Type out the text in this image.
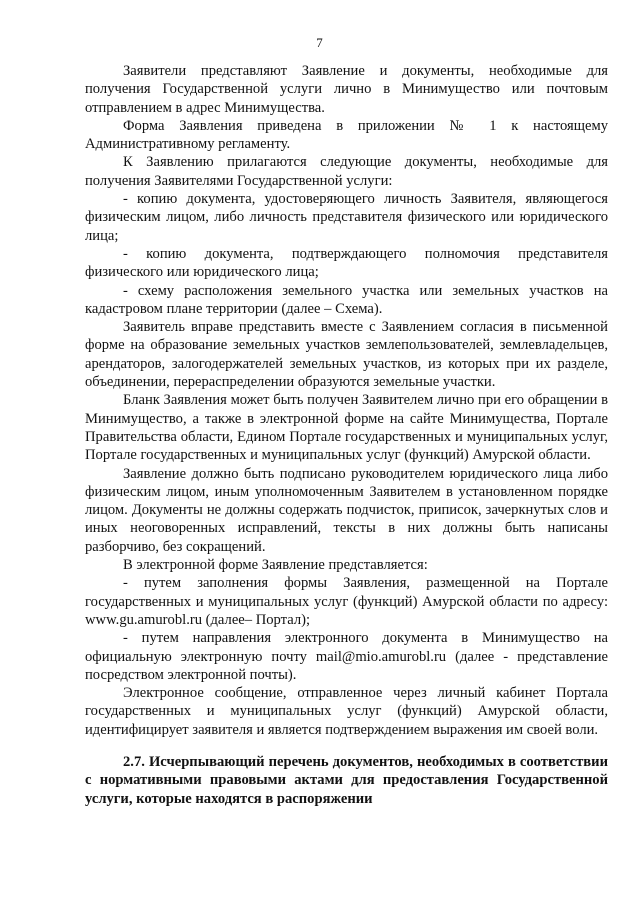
7

Заявители представляют Заявление и документы, необходимые для получения Государственной услуги лично в Минимущество или почтовым отправлением в адрес Минимущества.

Форма Заявления приведена в приложении № 1 к настоящему Административному регламенту.

К Заявлению прилагаются следующие документы, необходимые для получения Заявителями Государственной услуги:

- копию документа, удостоверяющего личность Заявителя, являющегося физическим лицом, либо личность представителя физического или юридического лица;

- копию документа, подтверждающего полномочия представителя физического или юридического лица;

- схему расположения земельного участка или земельных участков на кадастровом плане территории (далее – Схема).

Заявитель вправе представить вместе с Заявлением согласия в письменной форме на образование земельных участков землепользователей, землевладельцев, арендаторов, залогодержателей земельных участков, из которых при их разделе, объединении, перераспределении образуются земельные участки.

Бланк Заявления может быть получен Заявителем лично при его обращении в Минимущество, а также в электронной форме на сайте Минимущества, Портале Правительства области, Едином Портале государственных и муниципальных услуг, Портале государственных и муниципальных услуг (функций) Амурской области.

Заявление должно быть подписано руководителем юридического лица либо физическим лицом, иным уполномоченным Заявителем в установленном порядке лицом. Документы не должны содержать подчисток, приписок, зачеркнутых слов и иных неоговоренных исправлений, тексты в них должны быть написаны разборчиво, без сокращений.

В электронной форме Заявление представляется:

- путем заполнения формы Заявления, размещенной на Портале государственных и муниципальных услуг (функций) Амурской области по адресу: www.gu.amurobl.ru (далее– Портал);

- путем направления электронного документа в Минимущество на официальную электронную почту mail@mio.amurobl.ru (далее - представление посредством электронной почты).

Электронное сообщение, отправленное через личный кабинет Портала государственных и муниципальных услуг (функций) Амурской области, идентифицирует заявителя и является подтверждением выражения им своей воли.

2.7. Исчерпывающий перечень документов, необходимых в соответствии с нормативными правовыми актами для предоставления Государственной услуги, которые находятся в распоряжении
